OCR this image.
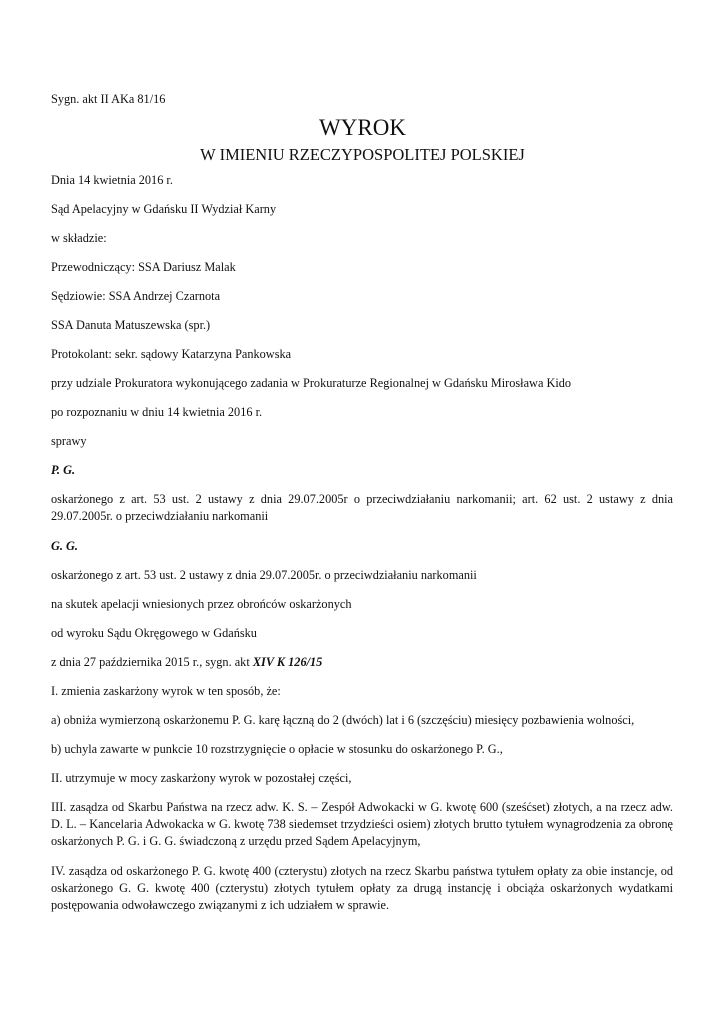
Sygn. akt II AKa 81/16

WYROK
W IMIENIU RZECZYPOSPOLITEJ POLSKIEJ

Dnia 14 kwietnia 2016 r.

Sąd Apelacyjny w Gdańsku II Wydział Karny

w składzie:

Przewodniczący: SSA Dariusz Malak

Sędziowie: SSA Andrzej Czarnota

SSA Danuta Matuszewska (spr.)

Protokolant: sekr. sądowy Katarzyna Pankowska

przy udziale Prokuratora wykonującego zadania w Prokuraturze Regionalnej w Gdańsku Mirosława Kido

po rozpoznaniu w dniu 14 kwietnia 2016 r.

sprawy

P. G.

oskarżonego z art. 53 ust. 2 ustawy z dnia 29.07.2005r o przeciwdziałaniu narkomanii; art. 62 ust. 2 ustawy z dnia 29.07.2005r. o przeciwdziałaniu narkomanii

G. G.

oskarżonego z art. 53 ust. 2 ustawy z dnia 29.07.2005r. o przeciwdziałaniu narkomanii

na skutek apelacji wniesionych przez obrońców oskarżonych

od wyroku Sądu Okręgowego w Gdańsku

z dnia 27 października 2015 r., sygn. akt XIV K 126/15

I. zmienia zaskarżony wyrok w ten sposób, że:

a) obniża wymierzoną oskarżonemu P. G. karę łączną do 2 (dwóch) lat i 6 (szczęściu) miesięcy pozbawienia wolności,

b) uchyla zawarte w punkcie 10 rozstrzygnięcie o opłacie w stosunku do oskarżonego P. G.,

II. utrzymuje w mocy zaskarżony wyrok w pozostałej części,

III. zasądza od Skarbu Państwa na rzecz adw. K. S. – Zespół Adwokacki w G. kwotę 600 (sześćset) złotych, a na rzecz adw. D. L. – Kancelaria Adwokacka w G. kwotę 738 siedemset trzydzieści osiem) złotych brutto tytułem wynagrodzenia za obronę oskarżonych P. G. i G. G. świadczoną z urzędu przed Sądem Apelacyjnym,

IV. zasądza od oskarżonego P. G. kwotę 400 (czterystu) złotych na rzecz Skarbu państwa tytułem opłaty za obie instancje, od oskarżonego G. G. kwotę 400 (czterystu) złotych tytułem opłaty za drugą instancję i obciąża oskarżonych wydatkami postępowania odwoławczego związanymi z ich udziałem w sprawie.
